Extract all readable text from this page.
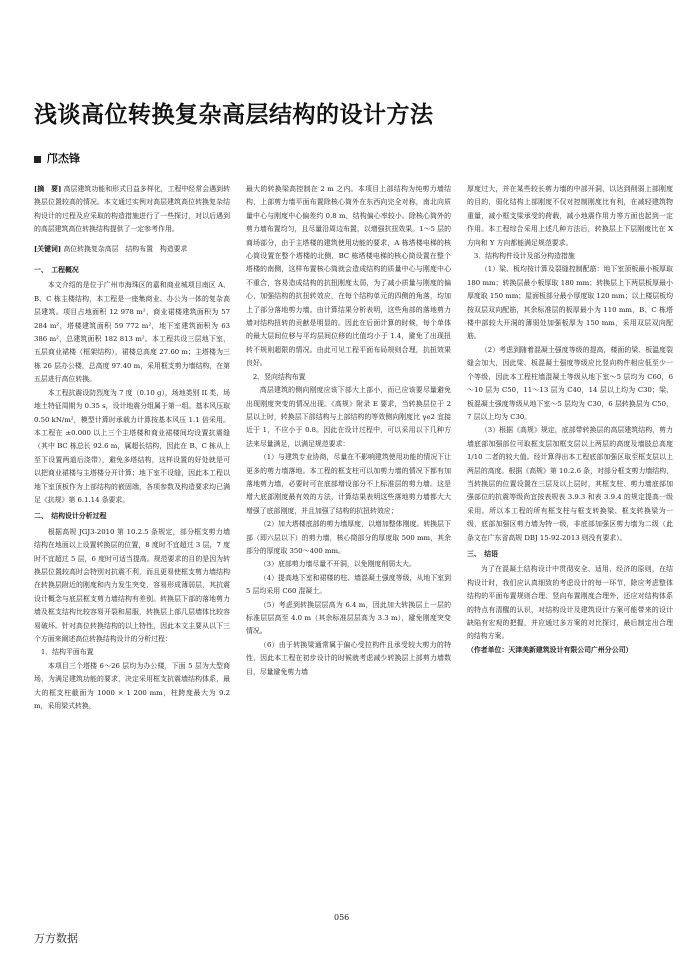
浅谈高位转换复杂高层结构的设计方法
邝杰锋

[摘　要] 高层建筑功能和形式日益多样化，工程中经常会遇到转换层位置较高的情况。本文通过实例对高层建筑高位转换复杂结构设计的过程及应采取的构造措施进行了一些探讨，对以后遇到的高层建筑高位转换结构提供了一定参考作用。

[关键词] 高位转换复杂高层　结构布置　构造要求

一、　工程概况

本文介绍的是位于广州市海珠区的嘉和商业城项目南区 A、B、C 栋主楼结构，本工程是一座集商业、办公为一体的复杂高层建筑。项目占地面积 12 978 m²，商业裙楼建筑面积为 57 284 m²，塔楼建筑面积 59 772 m²，地下室建筑面积为 63 386 m²，总建筑面积 182 813 m²。本工程共设三层地下室，五层商业裙楼（框架结构），裙楼总高度 27.60 m；主塔楼为三栋 26 层办公楼，总高度 97.40 m，采用框支剪力墙结构，在第五层进行高位转换。

本工程抗震设防烈度为 7 度（0.10 g），场地类别 II 类，场地土特征周期为 0.35 s，设计地震分组属于第一组。基本风压取 0.50 kN/m²，模型计算时承载力计算按基本风压 1.1 倍采用。本工程在 ±0.000 以上三个主塔楼和商业裙楼间均设置抗震缝（其中 BC 栋总长 92.6 m，属超长结构，因此在 B、C 栋从上至下设置两道后浇带），避免多塔结构，这样设置的好处就是可以把商业裙楼与主塔楼分开计算；地下室不设缝，因此本工程以地下室顶板作为上部结构的嵌固端，各项参数及构造要求均已满足《抗规》第 6.1.14 条要求。

二、　结构设计分析过程

根据高规 JGJ3-2010 第 10.2.5 条规定，部分框支剪力墙结构在地面以上设置转换层的位置，8 度时不宜超过 3 层，7 度时不宜超过 5 层，6 度时可适当提高。规范要求的目的是因为转换层位置较高时会特别对抗震不利，而且更易使框支剪力墙结构在转换层附近的刚度和内力发生突变，容易形成薄弱层，其抗震设计概念与底层框支剪力墙结构有差别。转换层下部的落地剪力墙及框支结构比较容易开裂和屈服，转换层上部几层墙体比较容易破坏。针对高位转换结构的以上特性，因此本文主要从以下三个方面来阐述高位转换结构设计的分析过程：

1．结构平面布置

本项目三个塔楼 6～26 层均为办公楼，下面 5 层为大型商场，为满足建筑功能的要求，决定采用框支抗震墙结构体系，最大的框支柱截面为 1000 × 1 200 mm，柱跨度最大为 9.2 m，采用梁式转换，

最大的转换梁高控制在 2 m 之内。本项目上部结构为纯剪力墙结构，上部剪力墙平面布置除核心筒外在东西向完全对称，南北向质量中心与刚度中心偏差约 0.8 m，结构偏心率较小。除核心筒外的剪力墙布置均匀，且尽量沿周边布置，以增强抗扭效果。1～5 层的商场部分，由于主塔楼的建筑使用功能的要求，A 栋塔楼电梯的核心筒设置在整个塔楼的北侧，BC 栋塔楼电梯的核心筒设置在整个塔楼的南侧，这样布置核心筒就会造成结构的质量中心与刚度中心不重合，容易造成结构的抗扭刚度太弱，为了减小质量与刚度的偏心，加强结构的抗扭转效应，在每个结构单元的四侧的角落，均加上了部分落地剪力墙。由计算结果分析表明，这些角部的落地剪力墙对结构扭转的贡献是明显的。因此在后面计算的时候，每个单体的最大层间位移与平均层间位移的比值均小于 1.4，避免了出现扭转不规则超限的情况。由此可见工程平面布局规则合理，抗扭效果良好。

2．竖向结构布置

高层建筑的侧向刚度应该下部大上部小，而已应该要尽量避免出现刚度突变的情况出现。《高规》附录 E 要求，当转换层位于 2 层以上时，转换层下部结构与上部结构的等效侧向刚度比 γe2 宜接近于 1，不应小于 0.8。因此在设计过程中，可以采用以下几种方法来尽量满足，以满足规范要求：

（1）与建筑专业协商，尽量在不影响建筑使用功能的情况下让更多的剪力墙落地。本工程的框支柱可以加剪力墙的情况下都有加落地剪力墙，必要时可在底部增设部分不上标准层的剪力墙。这是增大底部刚度最有效的方法，计算结果表明这些落地剪力墙都大大增强了底部刚度，并且加强了结构的抗扭转效应；

（2）加大塔楼底部的剪力墙厚度，以增加整体刚度。转换层下部（即六层以下）的剪力墙，核心筒部分的厚度取 500 mm，其余部分的厚度取 350～400 mm。

（3）底部剪力墙尽量不开洞，以免刚度削弱太大。

（4）提高地下室和裙楼的柱、墙混凝土强度等级，从地下室到 5 层均采用 C60 混凝土。

（5）考虑到转换层层高为 6.4 m，因此加大转换层上一层的标准层层高至 4.0 m（其余标准层层高为 3.3 m），避免刚度突变情况。

（6）由于转换梁通常属于偏心受拉构件且承受较大剪力的特性，因此本工程在初步设计的时候就考虑减少转换层上部剪力墙数目，尽量避免剪力墙

厚度过大，并在某些较长剪力墙的中部开洞，以达到削弱上部刚度的目的，弱化结构上部刚度不仅对控制刚度比有利，在减轻建筑物重量，减小框支梁承受的荷载，减小地震作用力等方面也起到一定作用。本工程综合采用上述几种方法后，转换层上下层刚度比在 X 方向和 Y 方向都能满足规范要求。

3．结构构件设计及部分构造措施

（1）梁、板均按计算及裂缝控制配筋：地下室顶板最小板厚取 180 mm；转换层最小板厚取 180 mm；转换层上下两层板厚最小厚度取 150 mm；屋面板部分最小厚度取 120 mm；以上楼层板均按双层双向配筋，其余标准层的板厚最小为 110 mm，B、C 栋塔楼中部较大开洞的薄弱处加强板厚为 150 mm，采用双层双向配筋。

（2）考虑到随着混凝土强度等级的提高，楼面的梁、板温度裂缝会加大，因此梁、板混凝土强度等级应比竖向构件相应低至少一个等级，因此本工程柱墙混凝土等级从地下室～5 层均为 C60，6～10 层为 C50，11～13 层为 C40，14 层以上均为 C30；梁、板混凝土强度等级从地下室～5 层均为 C30，6 层转换层为 C50，7 层以上均为 C30。

（3）根据《高规》规定，底部带转换层的高层建筑结构，剪力墙底部加强部位可取框支层加框支层以上两层的高度及墙肢总高度 1/10 二者的较大值。经计算得出本工程底部加强区取至框支层以上两层的高度。根据《高规》第 10.2.6 条，对部分框支剪力墙结构，当转换层的位置设置在三层及以上层时，其框支柱、剪力墙底部加强部位的抗震等级尚宜按表规表 3.9.3 和表 3.9.4 的规定提高一级采用。所以本工程的所有框支柱与框支转换梁、框支转换梁为一级，底部加强区剪力墙为特一级，非底部加强区剪力墙为二级（此条文在广东省高规 DBJ 15-92-2013 则没有要求）。

三、　结语

为了在混凝土结构设计中贯彻安全、适用、经济的原则，在结构设计时，我们应认真细致的考虑设计的每一环节，除应考虑整体结构的平面布置规则合理、竖向布置刚度合理外，还应对结构体系的特点有清醒的认识，对结构设计及建筑设计方案可能带来的设计缺陷有宏观的把握，并应通过多方案的对比探讨，最后制定出合理的结构方案。

（作者单位：天津美新建筑设计有限公司广州分公司）

056
万方数据
